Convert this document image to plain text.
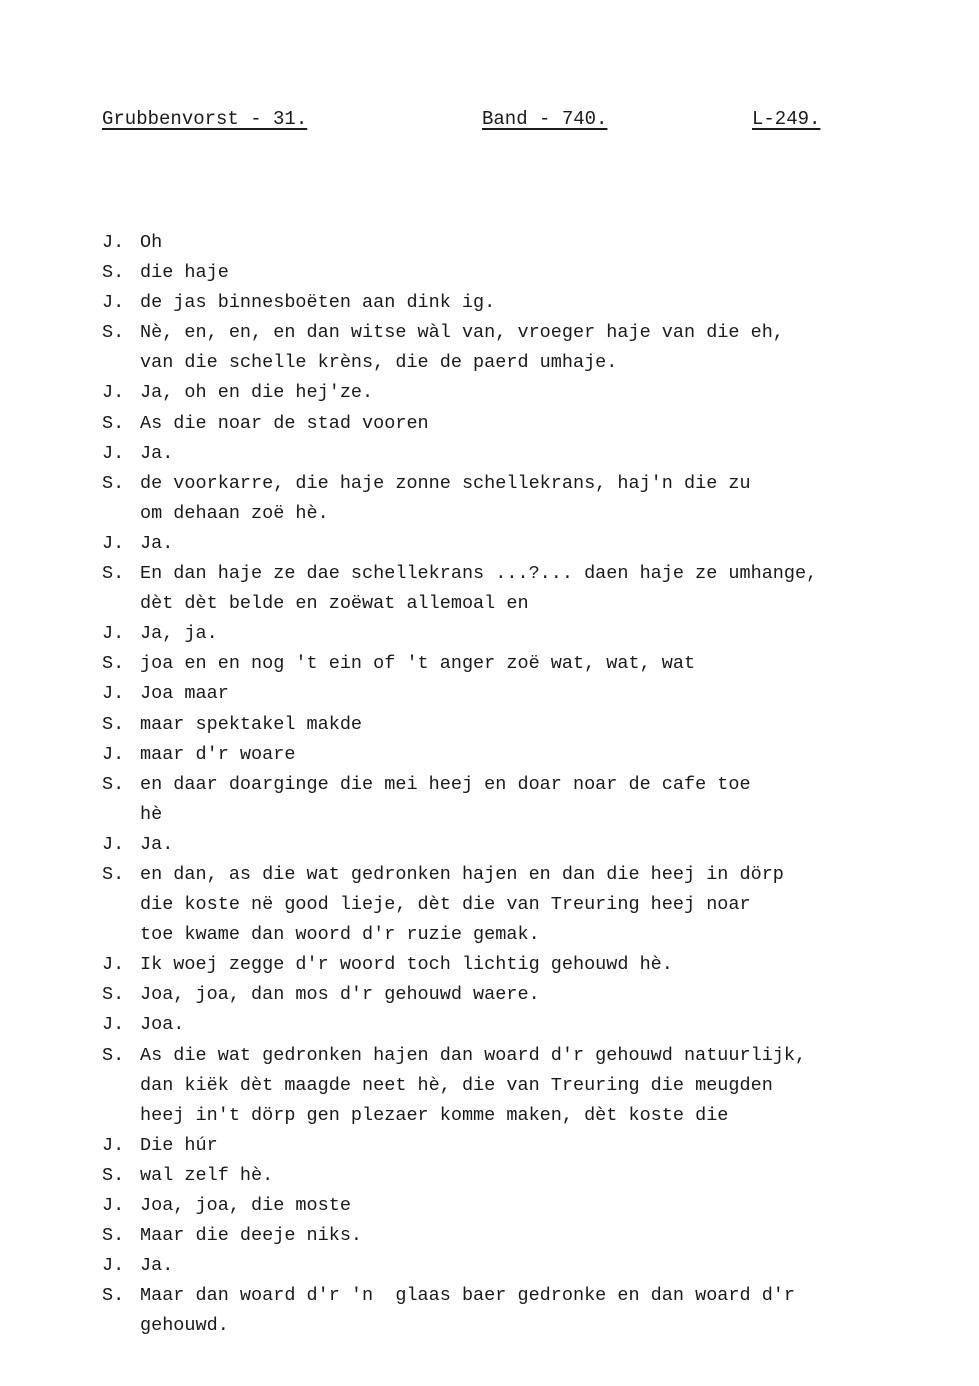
Grubbenvorst - 31.	Band - 740.	L-249.
J. Oh
S. die haje
J. de jas binnesboëten aan dink ig.
S. Nè, en, en, en dan witse wàl van, vroeger haje van die eh,
van die schelle krèns, die de paerd umhaje.
J. Ja, oh en die hej'ze.
S. As die noar de stad vooren
J. Ja.
S. de voorkarre, die haje zonne schellekrans, haj'n die zu
om dehaan zoë hè.
J. Ja.
S. En dan haje ze dae schellekrans ...?... daen haje ze umhange,
dèt dèt belde en zoëwat allemoal en
J. Ja, ja.
S. joa en en nog 't ein of 't anger zoë wat, wat, wat
J. Joa maar
S. maar spektakel makde
J. maar d'r woare
S. en daar doarginge die mei heej en doar noar de cafe toe
hè
J. Ja.
S. en dan, as die wat gedronken hajen en dan die heej in dörp
die koste në good lieje, dèt die van Treuring heej noar
toe kwame dan woord d'r ruzie gemak.
J. Ik woej zegge d'r woord toch lichtig gehouwd hè.
S. Joa, joa, dan mos d'r gehouwd waere.
J. Joa.
S. As die wat gedronken hajen dan woard d'r gehouwd natuurlijk,
dan kiëk dèt maagde neet hè, die van Treuring die meugden
heej in't dörp gen plezaer komme maken, dèt koste die
J. Die húr
S. wal zelf hè.
J. Joa, joa, die moste
S. Maar die deeje niks.
J. Ja.
S. Maar dan woard d'r 'n  glaas baer gedronke en dan woard d'r
gehouwd.
